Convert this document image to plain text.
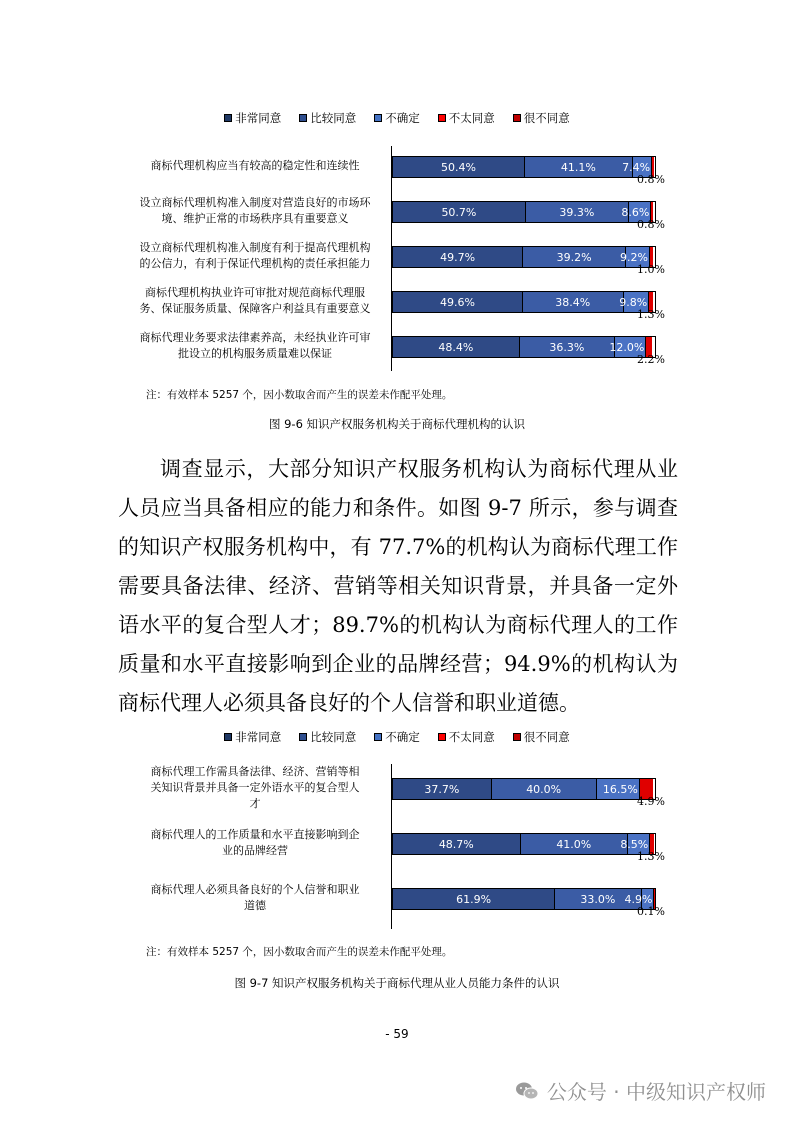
非常同意	比较同意	不确定	不太同意	很不同意
商标代理机构应当有较高的稳定性和连续性	50.4%	41.1% 7.4%
0.8%
设立商标代理机构准入制度对营造良好的市场环
境、维护正常的市场秩序具有重要意义	50.7%	39.3% 8.6%
0.8%
设立商标代理机构准入制度有利于提高代理机构
的公信力，有利于保证代理机构的责任承担能力	49.7%	39.2%	9.2%
1.0%
商标代理机构执业许可审批对规范商标代理服
务、保证服务质量、保障客户利益具有重要意义	49.6%	38.4%	9.8%
1.3%
商标代理业务要求法律素养高，未经执业许可审
批设立的机构服务质量难以保证	48.4%	36.3% 12.0%
2.2%
注：有效样本 5257 个，因小数取舍而产生的误差未作配平处理。
图 9-6 知识产权服务机构关于商标代理机构的认识

调查显示，大部分知识产权服务机构认为商标代理从业人员应当具备相应的能力和条件。如图 9-7 所示，参与调查的知识产权服务机构中，有 77.7%的机构认为商标代理工作需要具备法律、经济、营销等相关知识背景，并具备一定外语水平的复合型人才；89.7%的机构认为商标代理人的工作质量和水平直接影响到企业的品牌经营；94.9%的机构认为商标代理人必须具备良好的个人信誉和职业道德。

非常同意	比较同意	不确定	不太同意	很不同意
商标代理工作需具备法律、经济、营销等相
关知识背景并具备一定外语水平的复合型人
才
37.7%	40.0%	16.5%
4.9%
商标代理人的工作质量和水平直接影响到企
业的品牌经营	48.7%	41.0%	8.5%
1.3%
商标代理人必须具备良好的个人信誉和职业
道德	61.9%	33.0% 4.9%
0.1%
注：有效样本 5257 个，因小数取舍而产生的误差未作配平处理。
图 9-7 知识产权服务机构关于商标代理从业人员能力条件的认识
- 59
公众号 · 中级知识产权师
